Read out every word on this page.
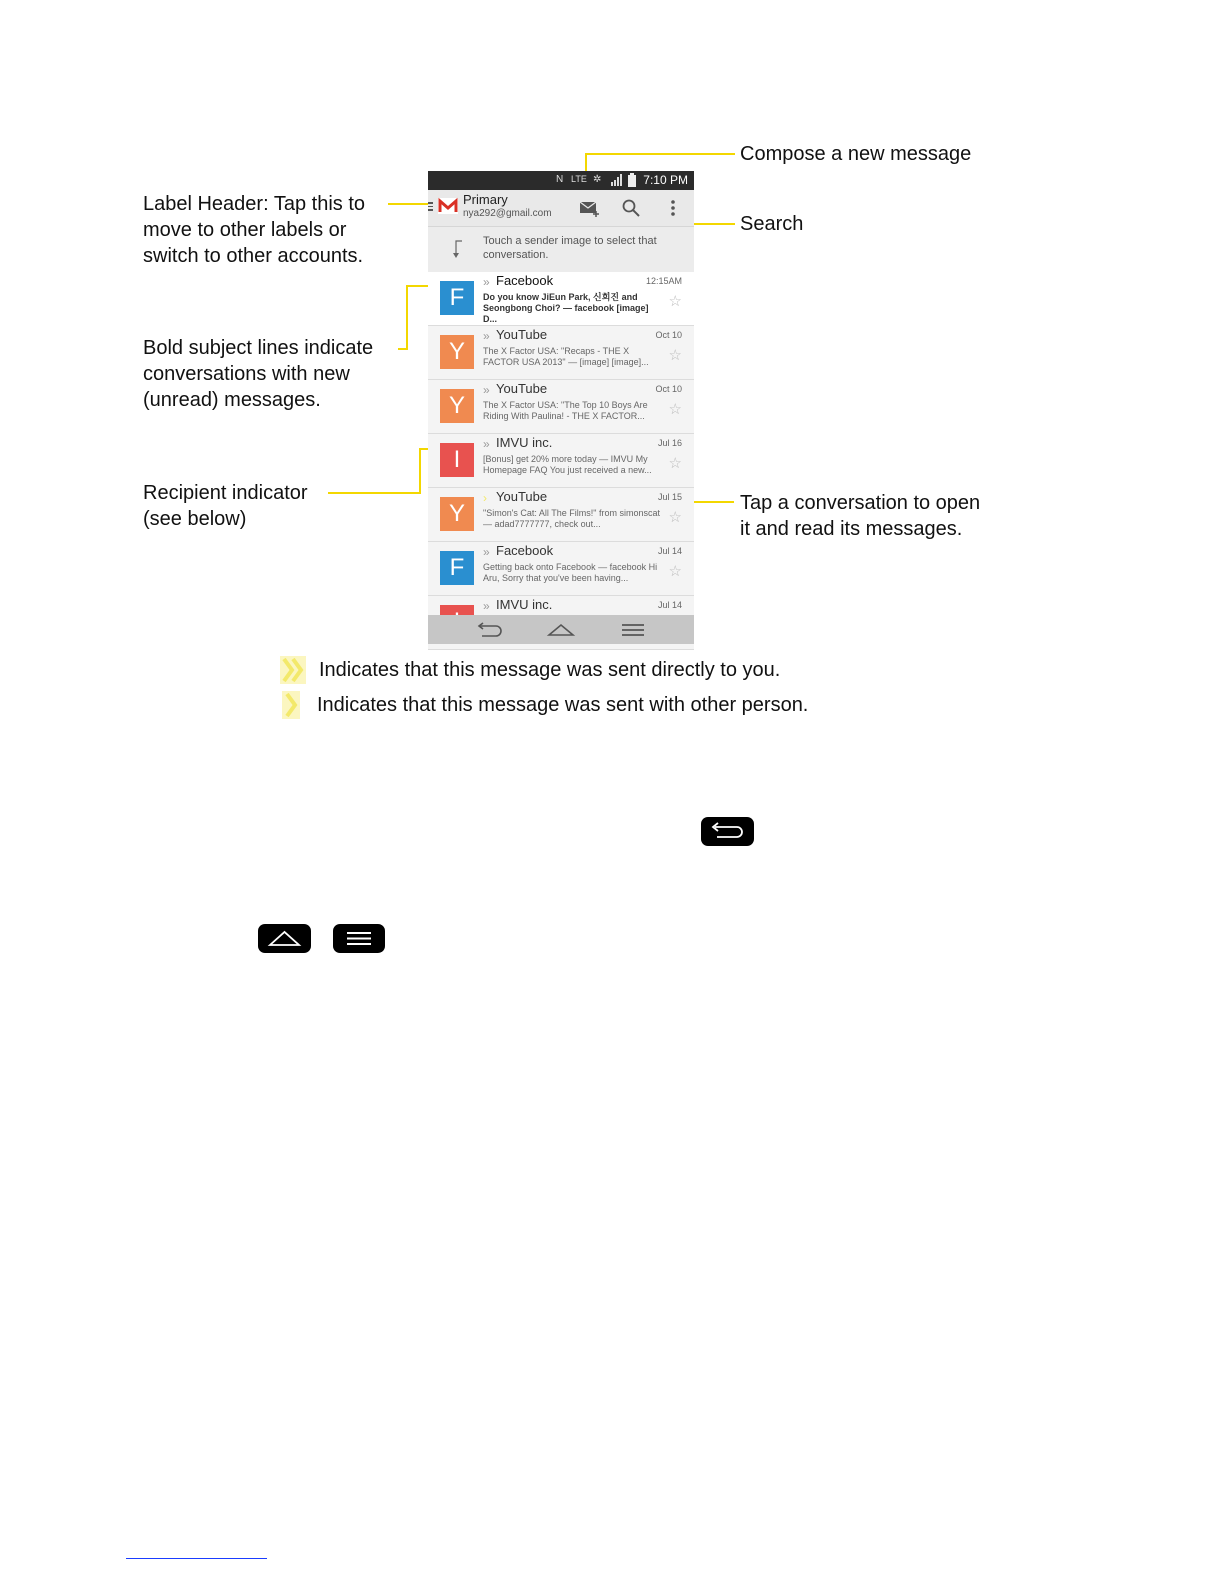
Compose a new message
Search
Label Header: Tap this to
move to other labels or
switch to other accounts.
Bold subject lines indicate
conversations with new
(unread) messages.
Recipient indicator
(see below)
Tap a conversation to open
it and read its messages.
N LTE ✲	7:10 PM
Primary
nya292@gmail.com
Touch a sender image to select that conversation.
F
» Facebook	12:15AM
Do you know JiEun Park, 신희진 and Seongbong Choi? — facebook [image] D...
☆
Y
» YouTube	Oct 10
The X Factor USA: "Recaps - THE X FACTOR USA 2013" — [image] [image]...	☆
Y
» YouTube	Oct 10
The X Factor USA: "The Top 10 Boys Are Riding With Paulina! - THE X FACTOR...	☆
I
» IMVU inc.	Jul 16
[Bonus] get 20% more today — IMVU My Homepage FAQ You just received a new...	☆
Y
› YouTube	Jul 15
"Simon's Cat: All The Films!" from simonscat — adad7777777, check out...	☆
F
» Facebook	Jul 14
Getting back onto Facebook — facebook Hi Aru, Sorry that you've been having...	☆
» IMVU inc.	Jul 14
Indicates that this message was sent directly to you.
Indicates that this message was sent with other person.
